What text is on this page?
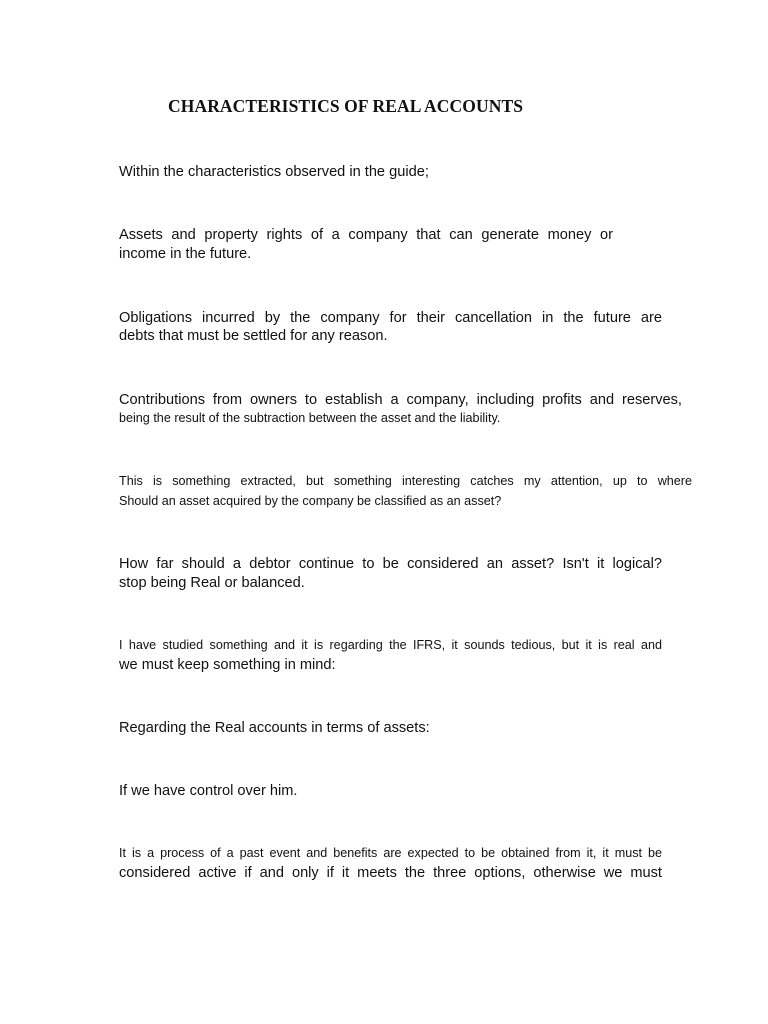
CHARACTERISTICS OF REAL ACCOUNTS

Within the characteristics observed in the guide;

Assets and property rights of a company that can generate money or

income in the future.

Obligations incurred by the company for their cancellation in the future are

debts that must be settled for any reason.

Contributions from owners to establish a company, including profits and reserves,

being the result of the subtraction between the asset and the liability.

This is something extracted, but something interesting catches my attention, up to where

Should an asset acquired by the company be classified as an asset?

How far should a debtor continue to be considered an asset? Isn't it logical?

stop being Real or balanced.

I have studied something and it is regarding the IFRS, it sounds tedious, but it is real and

we must keep something in mind:

Regarding the Real accounts in terms of assets:

If we have control over him.

It is a process of a past event and benefits are expected to be obtained from it, it must be

considered active if and only if it meets the three options, otherwise we must
